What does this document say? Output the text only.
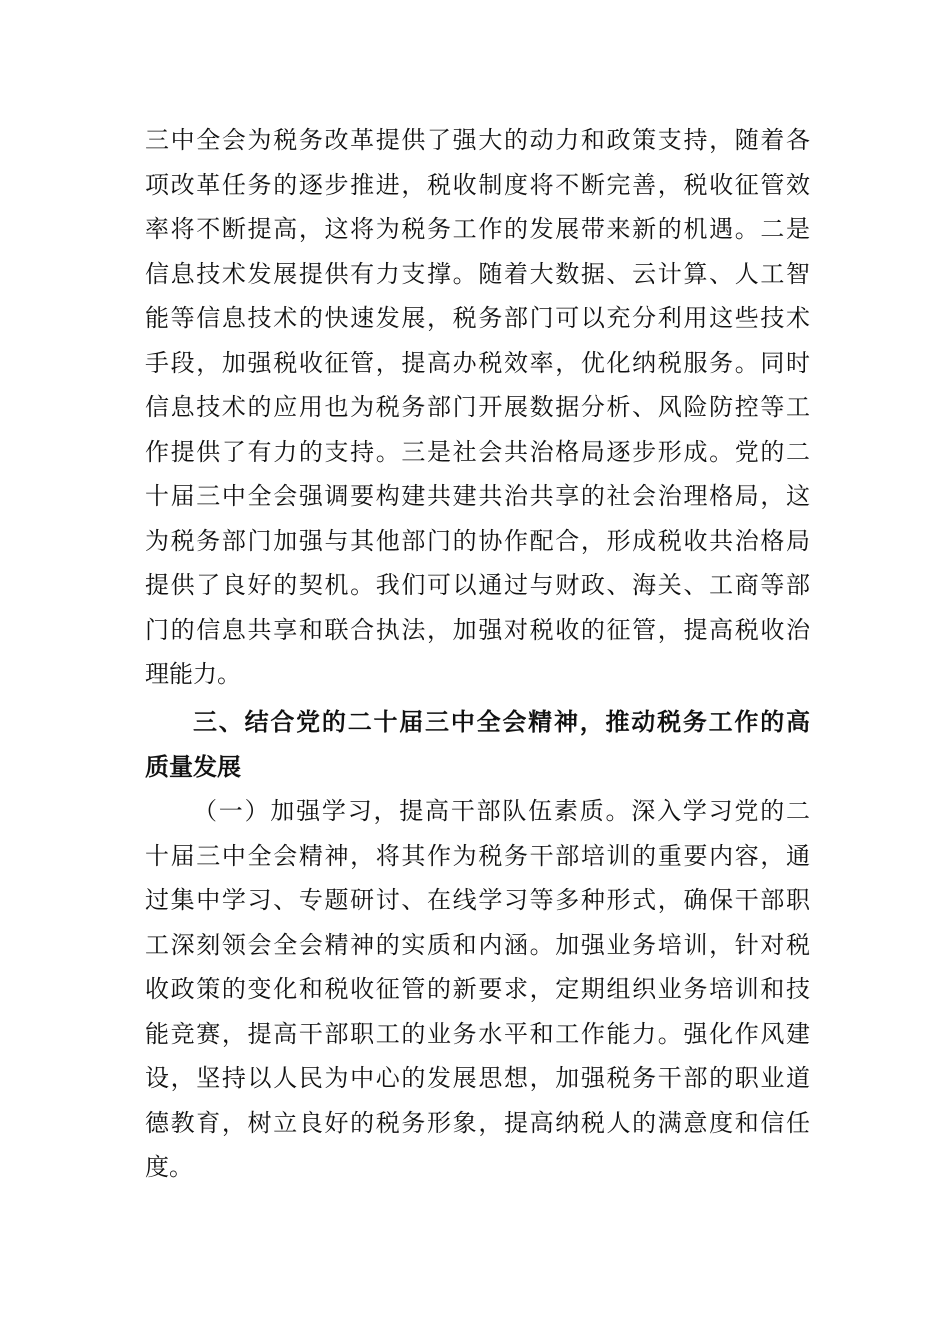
三中全会为税务改革提供了强大的动力和政策支持，随着各
项改革任务的逐步推进，税收制度将不断完善，税收征管效
率将不断提高，这将为税务工作的发展带来新的机遇。二是
信息技术发展提供有力支撑。随着大数据、云计算、人工智
能等信息技术的快速发展，税务部门可以充分利用这些技术
手段，加强税收征管，提高办税效率，优化纳税服务。同时
信息技术的应用也为税务部门开展数据分析、风险防控等工
作提供了有力的支持。三是社会共治格局逐步形成。党的二
十届三中全会强调要构建共建共治共享的社会治理格局，这
为税务部门加强与其他部门的协作配合，形成税收共治格局
提供了良好的契机。我们可以通过与财政、海关、工商等部
门的信息共享和联合执法，加强对税收的征管，提高税收治
理能力。
三、结合党的二十届三中全会精神，推动税务工作的高
质量发展
（一）加强学习，提高干部队伍素质。深入学习党的二
十届三中全会精神，将其作为税务干部培训的重要内容，通
过集中学习、专题研讨、在线学习等多种形式，确保干部职
工深刻领会全会精神的实质和内涵。加强业务培训，针对税
收政策的变化和税收征管的新要求，定期组织业务培训和技
能竞赛，提高干部职工的业务水平和工作能力。强化作风建
设，坚持以人民为中心的发展思想，加强税务干部的职业道
德教育，树立良好的税务形象，提高纳税人的满意度和信任
度。
